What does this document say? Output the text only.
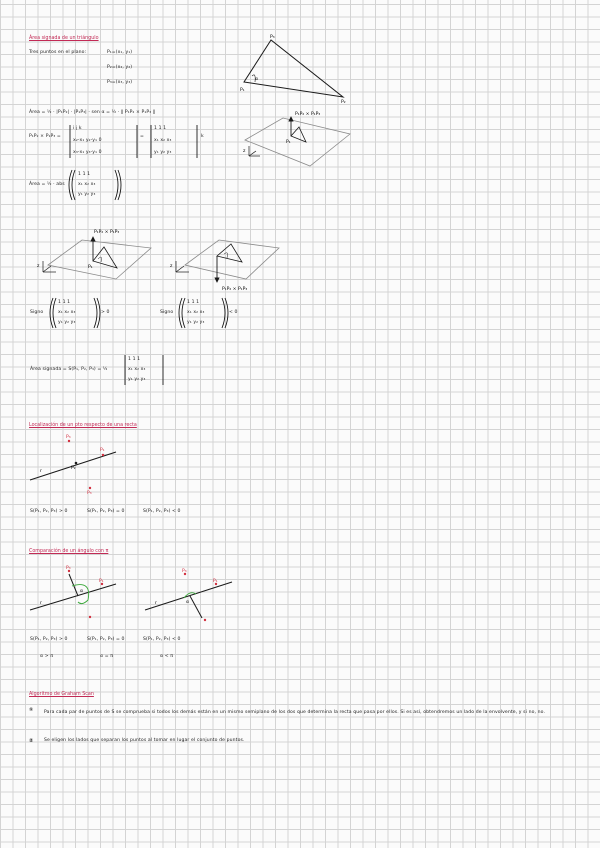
Área signada de un triángulo
Tres puntos en el plano:	P₁=(x₁, y₁)
P₂=(x₂, y₂)
P₃=(x₃, y₃)
Área = ½ · |P₁P₂| · |P₁P₃| · sen α = ½ · ‖ P₁P₂ × P₁P₃ ‖
P₁P₂ × P₁P₃ =
i j k
x₂-x₁ y₂-y₁ 0
x₃-x₁ y₃-y₁ 0
=
1 1 1
x₁ x₂ x₃
y₁ y₂ y₃
k
Área = ½ · abs
1 1 1
x₁ x₂ x₃
y₁ y₂ y₃
Signo
1 1 1
x₁ x₂ x₃
y₁ y₂ y₃
> 0	Signo
1 1 1
x₁ x₂ x₃
y₁ y₂ y₃
< 0
Área signada = S(P₁, P₂, P₃) = ½
1 1 1
x₁ x₂ x₃
y₁ y₂ y₃
Localización de un pto respecto de una recta
S(P₁, P₂, P₃) > 0	S(P₁, P₂, P₃) = 0	S(P₁, P₂, P₃) < 0
Comparación de un ángulo con π
S(P₁, P₂, P₃) > 0	S(P₁, P₂, P₃) = 0	S(P₁, P₂, P₃) < 0
α > π	α = π	α < π
Algoritmo de Graham Scan
① Para cada par de puntos de S se comprueba si todos los demás están en un mismo semiplano de los dos que determina la recta que pasa por ellos. Si es así, obtendremos un lado de la envolvente, y si no, no.
② Se eligen los lados que separan los puntos al tomar en lugar el conjunto de puntos.
P₃
P₁
P₂
α
P₁P₂ × P₁P₃
P₁
z
P₁P₂ × P₁P₃
P₁
z
P₁P₂ × P₁P₃
z
r
P₂
P₃
P₃
P₁
r
α
P₃
P₁
r	α
P₃
P₁
